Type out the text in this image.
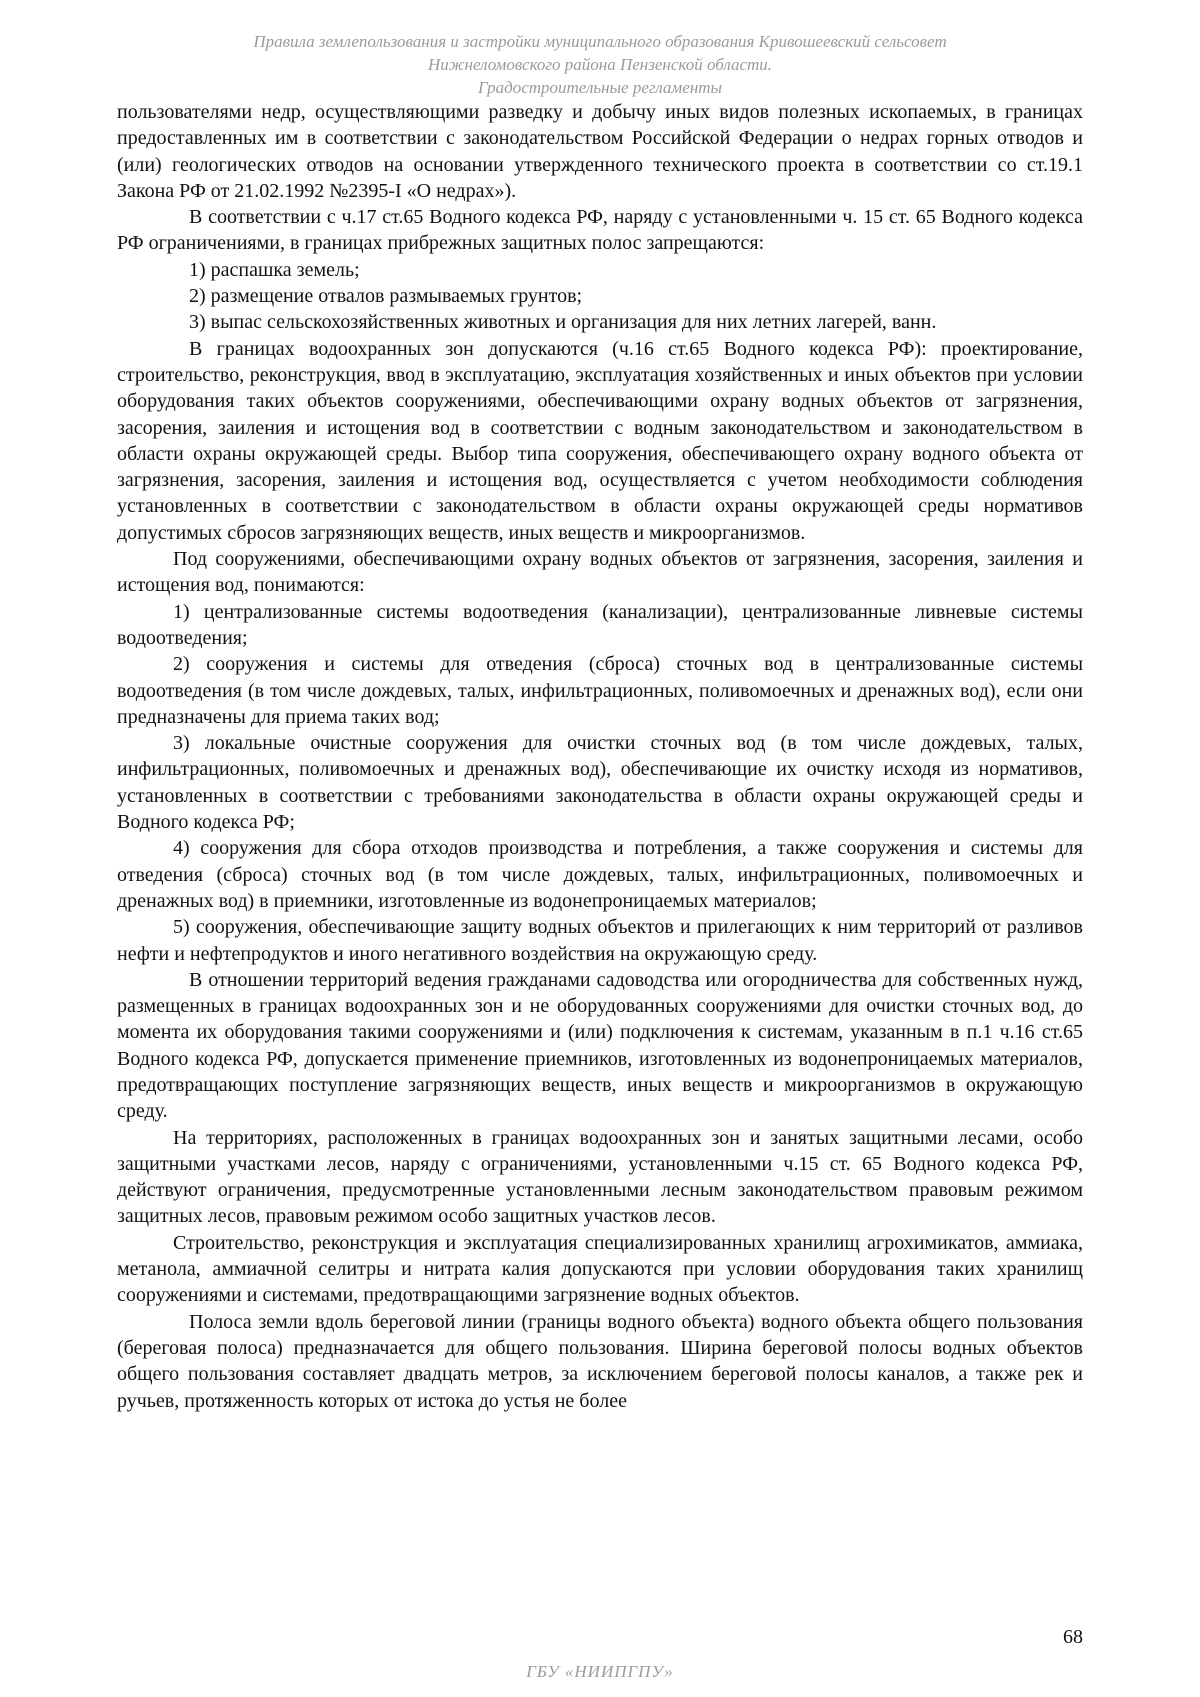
Правила землепользования и застройки муниципального образования Кривошеевский сельсовет
Нижнеломовского района Пензенской области.
Градостроительные регламенты

пользователями недр, осуществляющими разведку и добычу иных видов полезных ископаемых, в границах предоставленных им в соответствии с законодательством Российской Федерации о недрах горных отводов и (или) геологических отводов на основании утвержденного технического проекта в соответствии со ст.19.1 Закона РФ от 21.02.1992 №2395-I «О недрах»).

В соответствии с ч.17 ст.65 Водного кодекса РФ, наряду с установленными ч. 15 ст. 65 Водного кодекса РФ ограничениями, в границах прибрежных защитных полос запрещаются:

1) распашка земель;

2) размещение отвалов размываемых грунтов;

3) выпас сельскохозяйственных животных и организация для них летних лагерей, ванн.

В границах водоохранных зон допускаются (ч.16 ст.65 Водного кодекса РФ): проектирование, строительство, реконструкция, ввод в эксплуатацию, эксплуатация хозяйственных и иных объектов при условии оборудования таких объектов сооружениями, обеспечивающими охрану водных объектов от загрязнения, засорения, заиления и истощения вод в соответствии с водным законодательством и законодательством в области охраны окружающей среды. Выбор типа сооружения, обеспечивающего охрану водного объекта от загрязнения, засорения, заиления и истощения вод, осуществляется с учетом необходимости соблюдения установленных в соответствии с законодательством в области охраны окружающей среды нормативов допустимых сбросов загрязняющих веществ, иных веществ и микроорганизмов.

Под сооружениями, обеспечивающими охрану водных объектов от загрязнения, засорения, заиления и истощения вод, понимаются:

1) централизованные системы водоотведения (канализации), централизованные ливневые системы водоотведения;

2) сооружения и системы для отведения (сброса) сточных вод в централизованные системы водоотведения (в том числе дождевых, талых, инфильтрационных, поливомоечных и дренажных вод), если они предназначены для приема таких вод;

3) локальные очистные сооружения для очистки сточных вод (в том числе дождевых, талых, инфильтрационных, поливомоечных и дренажных вод), обеспечивающие их очистку исходя из нормативов, установленных в соответствии с требованиями законодательства в области охраны окружающей среды и Водного кодекса РФ;

4) сооружения для сбора отходов производства и потребления, а также сооружения и системы для отведения (сброса) сточных вод (в том числе дождевых, талых, инфильтрационных, поливомоечных и дренажных вод) в приемники, изготовленные из водонепроницаемых материалов;

5) сооружения, обеспечивающие защиту водных объектов и прилегающих к ним территорий от разливов нефти и нефтепродуктов и иного негативного воздействия на окружающую среду.

В отношении территорий ведения гражданами садоводства или огородничества для собственных нужд, размещенных в границах водоохранных зон и не оборудованных сооружениями для очистки сточных вод, до момента их оборудования такими сооружениями и (или) подключения к системам, указанным в п.1 ч.16 ст.65 Водного кодекса РФ, допускается применение приемников, изготовленных из водонепроницаемых материалов, предотвращающих поступление загрязняющих веществ, иных веществ и микроорганизмов в окружающую среду.

На территориях, расположенных в границах водоохранных зон и занятых защитными лесами, особо защитными участками лесов, наряду с ограничениями, установленными ч.15 ст. 65 Водного кодекса РФ, действуют ограничения, предусмотренные установленными лесным законодательством правовым режимом защитных лесов, правовым режимом особо защитных участков лесов.

Строительство, реконструкция и эксплуатация специализированных хранилищ агрохимикатов, аммиака, метанола, аммиачной селитры и нитрата калия допускаются при условии оборудования таких хранилищ сооружениями и системами, предотвращающими загрязнение водных объектов.

Полоса земли вдоль береговой линии (границы водного объекта) водного объекта общего пользования (береговая полоса) предназначается для общего пользования. Ширина береговой полосы водных объектов общего пользования составляет двадцать метров, за исключением береговой полосы каналов, а также рек и ручьев, протяженность которых от истока до устья не более

68
ГБУ «НИИПГПУ»
